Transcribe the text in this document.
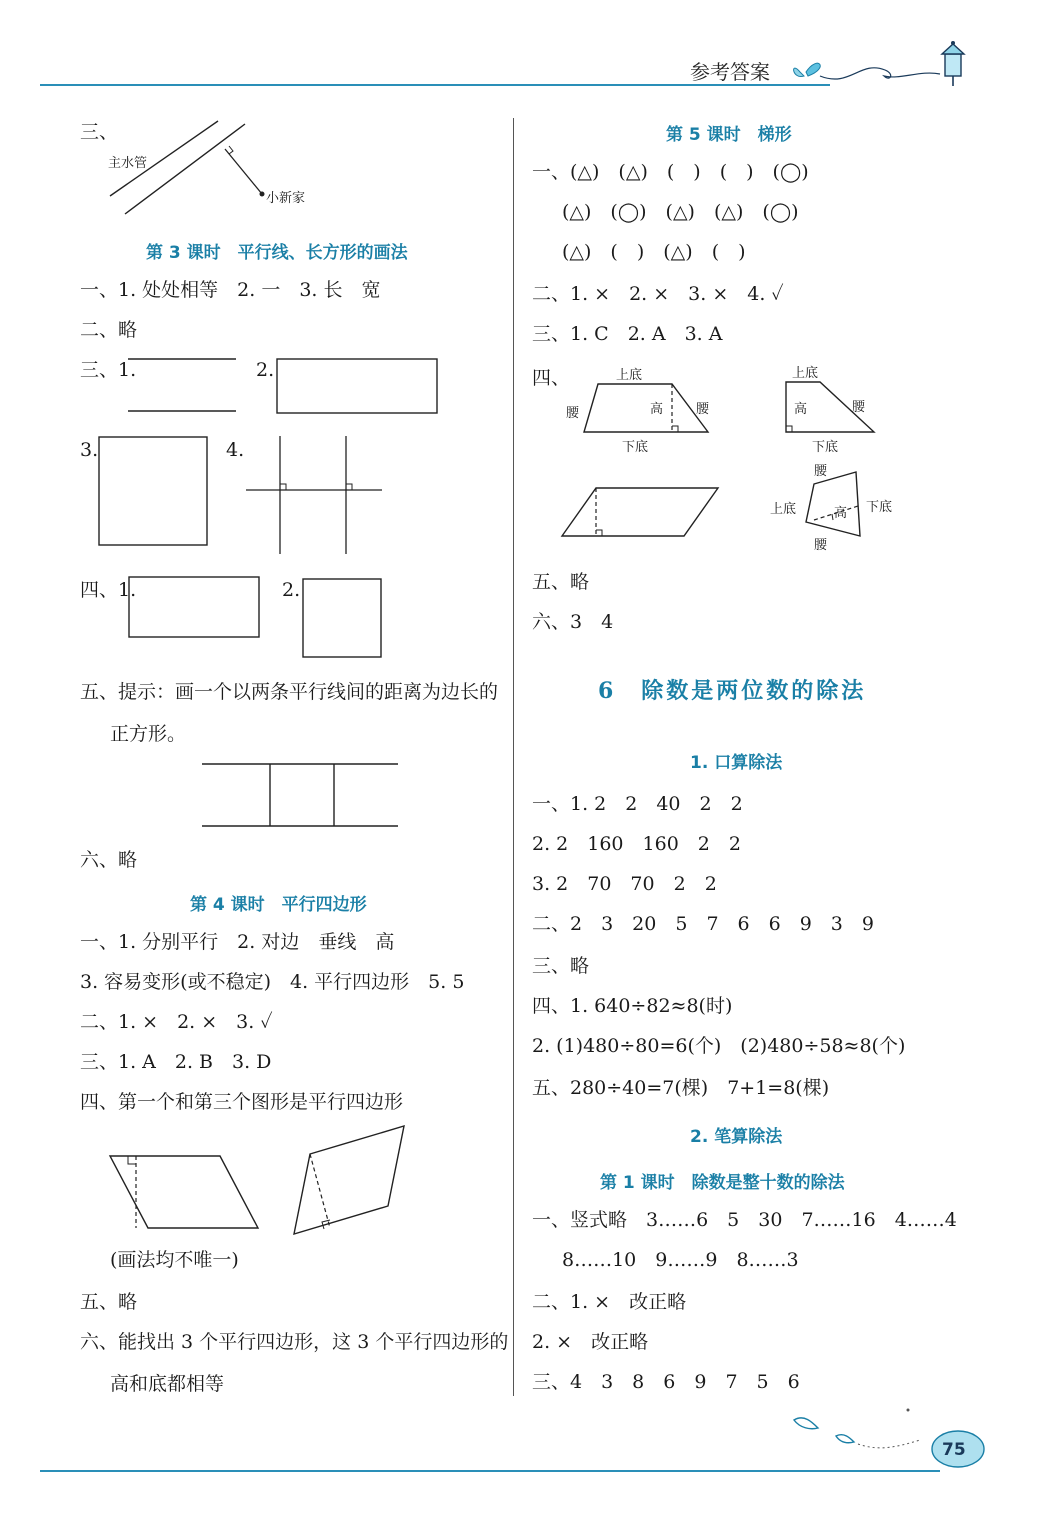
参考答案
三、
主水管
小新家
第 3 课时　平行线、长方形的画法
一、1. 处处相等　2. 一　3. 长　宽
二、略
三、1.	2.
3.	4.
四、1.	2.
五、提示：画一个以两条平行线间的距离为边长的
正方形。
六、略
第 4 课时　平行四边形
一、1. 分别平行　2. 对边　垂线　高
3. 容易变形(或不稳定)　4. 平行四边形　5. 5
二、1. ×　2. ×　3. ✓
三、1. A　2. B　3. D
四、第一个和第三个图形是平行四边形
(画法均不唯一)
五、略
六、能找出 3 个平行四边形，这 3 个平行四边形的
高和底都相等
第 5 课时　梯形
一、(△)　(△)　(　)　(　)　(◯)
(△)　(◯)　(△)　(△)　(◯)
(△)　(　)　(△)　(　)
二、1. ×　2. ×　3. ×　4. ✓
三、1. C　2. A　3. A
四、	上底
腰	高	腰
下底
上底
高	腰
下底
腰
上底	高 下底
腰
五、略
六、3　4
6　除数是两位数的除法
1. 口算除法
一、1. 2　2　40　2　2
2. 2　160　160　2　2
3. 2　70　70　2　2
二、2　3　20　5　7　6　6　9　3　9
三、略
四、1. 640÷82≈8(时)
2. (1)480÷80=6(个)　(2)480÷58≈8(个)
五、280÷40=7(棵)　7+1=8(棵)
2. 笔算除法
第 1 课时　除数是整十数的除法
一、竖式略　3……6　5　30　7……16　4……4
8……10　9……9　8……3
二、1. ×　改正略
2. ×　改正略
三、4　3　8　6　9　7　5　6
75
